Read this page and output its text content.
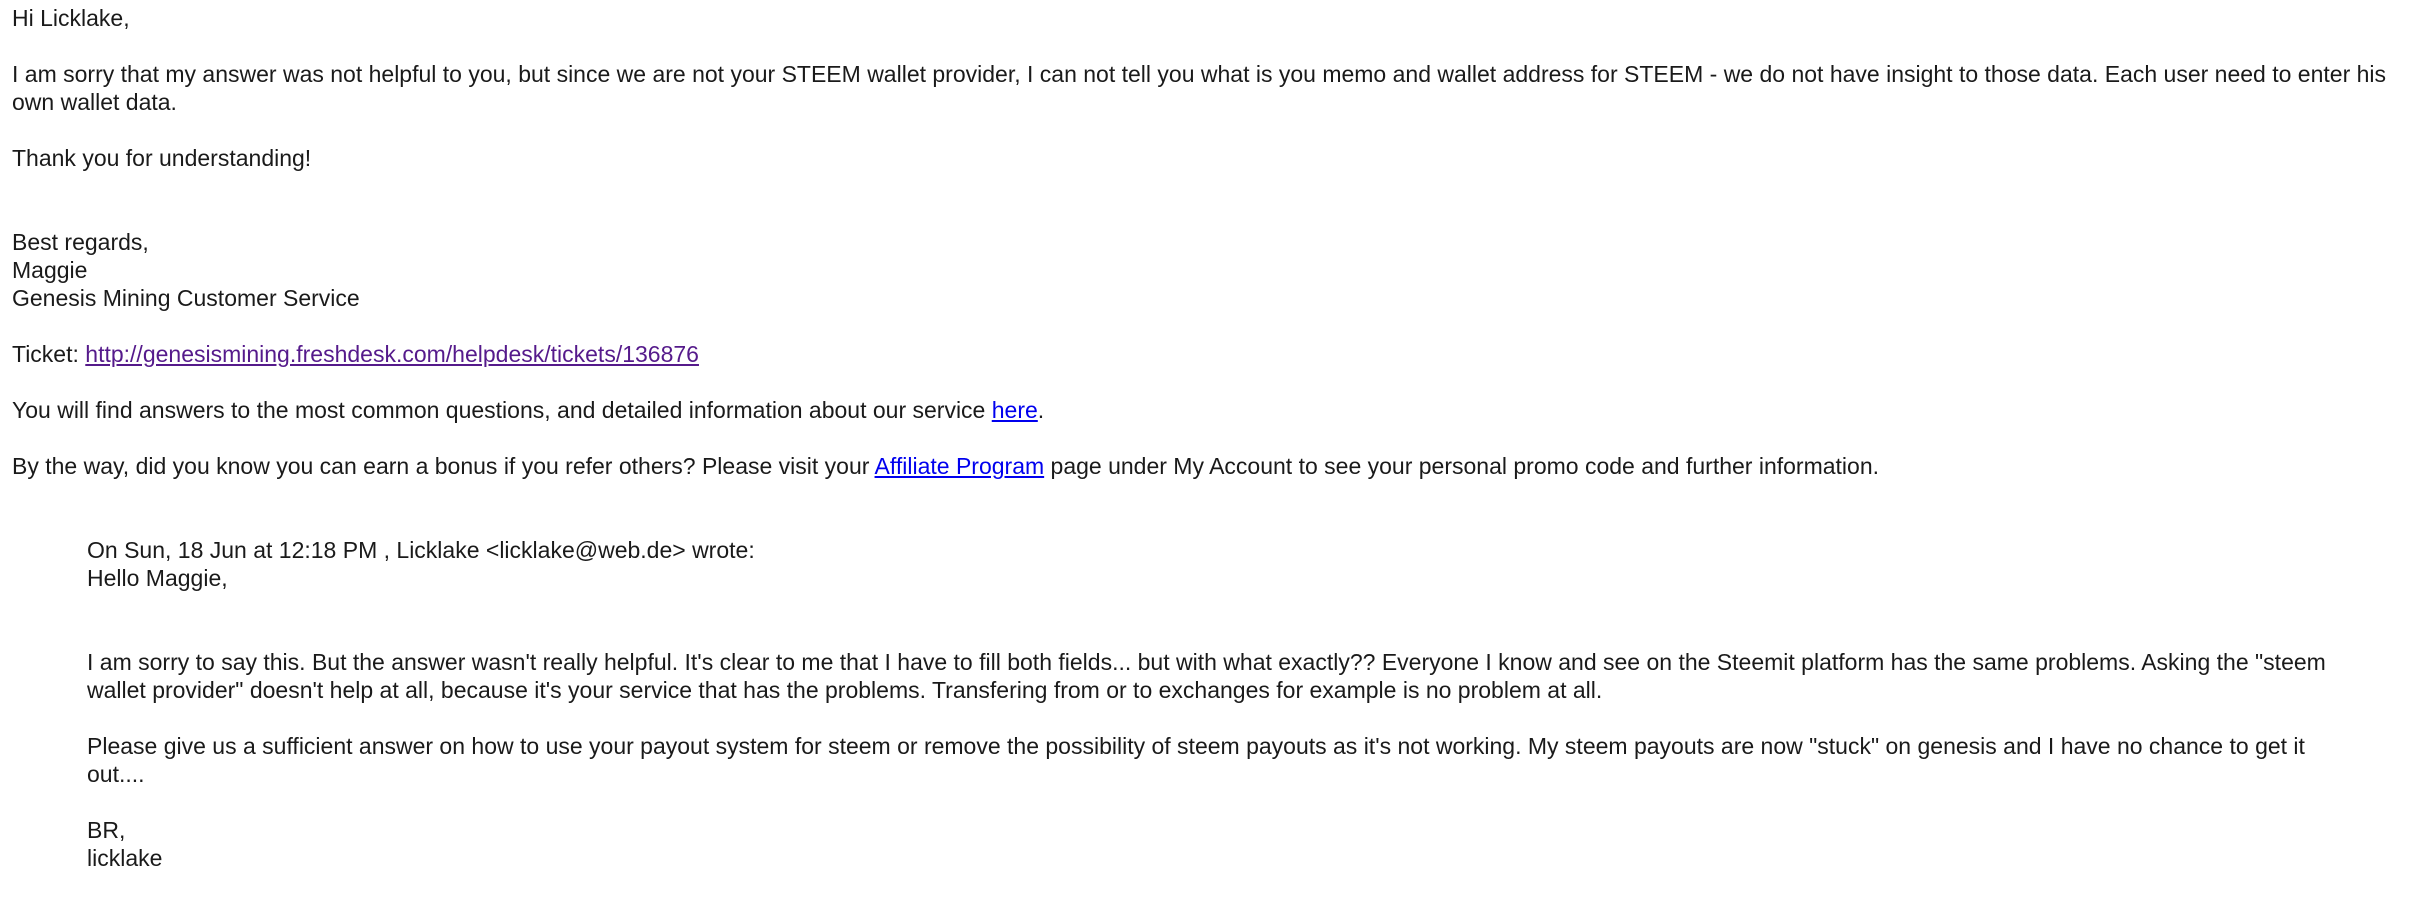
Hi Licklake,

I am sorry that my answer was not helpful to you, but since we are not your STEEM wallet provider, I can not tell you what is you memo and wallet address for STEEM - we do not have insight to those data. Each user need to enter his own wallet data.

Thank you for understanding!

Best regards,
Maggie
Genesis Mining Customer Service

Ticket: http://genesismining.freshdesk.com/helpdesk/tickets/136876

You will find answers to the most common questions, and detailed information about our service here.

By the way, did you know you can earn a bonus if you refer others? Please visit your Affiliate Program page under My Account to see your personal promo code and further information.

On Sun, 18 Jun at 12:18 PM , Licklake <licklake@web.de> wrote:
Hello Maggie,

I am sorry to say this. But the answer wasn't really helpful. It's clear to me that I have to fill both fields... but with what exactly?? Everyone I know and see on the Steemit platform has the same problems. Asking the "steem wallet provider" doesn't help at all, because it's your service that has the problems. Transfering from or to exchanges for example is no problem at all.

Please give us a sufficient answer on how to use your payout system for steem or remove the possibility of steem payouts as it's not working. My steem payouts are now "stuck" on genesis and I have no chance to get it out....

BR,
licklake
